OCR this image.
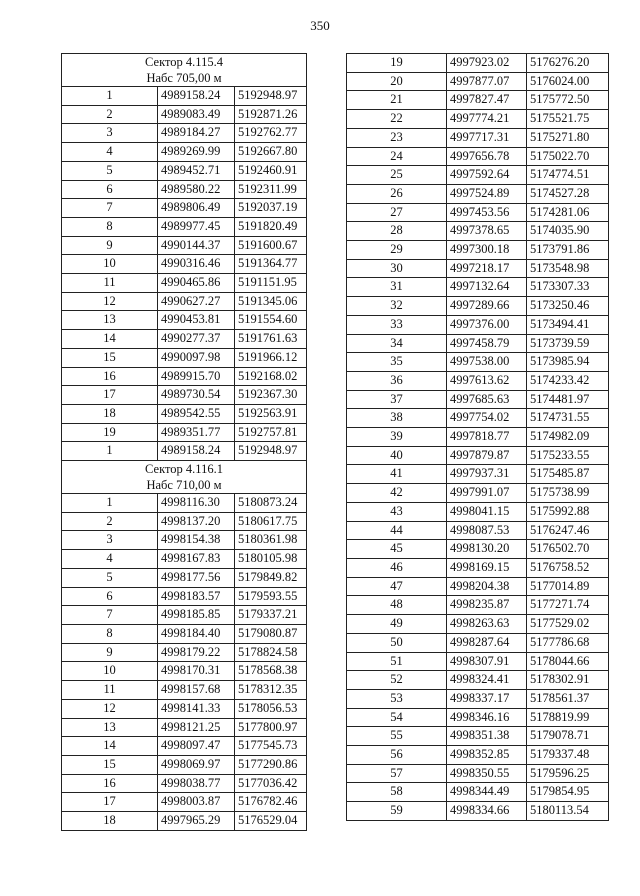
350
Сектор 4.115.4
Набс 705,00 м		

1	4989158.24	5192948.97
2	4989083.49	5192871.26
3	4989184.27	5192762.77
4	4989269.99	5192667.80
5	4989452.71	5192460.91
6	4989580.22	5192311.99
7	4989806.49	5192037.19
8	4989977.45	5191820.49
9	4990144.37	5191600.67
10	4990316.46	5191364.77
11	4990465.86	5191151.95
12	4990627.27	5191345.06
13	4990453.81	5191554.60
14	4990277.37	5191761.63
15	4990097.98	5191966.12
16	4989915.70	5192168.02
17	4989730.54	5192367.30
18	4989542.55	5192563.91
19	4989351.77	5192757.81
1	4989158.24	5192948.97

Сектор 4.116.1
Набс 710,00 м		

1	4998116.30	5180873.24
2	4998137.20	5180617.75
3	4998154.38	5180361.98
4	4998167.83	5180105.98
5	4998177.56	5179849.82
6	4998183.57	5179593.55
7	4998185.85	5179337.21
8	4998184.40	5179080.87
9	4998179.22	5178824.58
10	4998170.31	5178568.38
11	4998157.68	5178312.35
12	4998141.33	5178056.53
13	4998121.25	5177800.97
14	4998097.47	5177545.73
15	4998069.97	5177290.86
16	4998038.77	5177036.42
17	4998003.87	5176782.46
18	4997965.29	5176529.04
19	4997923.02	5176276.20
20	4997877.07	5176024.00
21	4997827.47	5175772.50
22	4997774.21	5175521.75
23	4997717.31	5175271.80
24	4997656.78	5175022.70
25	4997592.64	5174774.51
26	4997524.89	5174527.28
27	4997453.56	5174281.06
28	4997378.65	5174035.90
29	4997300.18	5173791.86
30	4997218.17	5173548.98
31	4997132.64	5173307.33
32	4997289.66	5173250.46
33	4997376.00	5173494.41
34	4997458.79	5173739.59
35	4997538.00	5173985.94
36	4997613.62	5174233.42
37	4997685.63	5174481.97
38	4997754.02	5174731.55
39	4997818.77	5174982.09
40	4997879.87	5175233.55
41	4997937.31	5175485.87
42	4997991.07	5175738.99
43	4998041.15	5175992.88
44	4998087.53	5176247.46
45	4998130.20	5176502.70
46	4998169.15	5176758.52
47	4998204.38	5177014.89
48	4998235.87	5177271.74
49	4998263.63	5177529.02
50	4998287.64	5177786.68
51	4998307.91	5178044.66
52	4998324.41	5178302.91
53	4998337.17	5178561.37
54	4998346.16	5178819.99
55	4998351.38	5179078.71
56	4998352.85	5179337.48
57	4998350.55	5179596.25
58	4998344.49	5179854.95
59	4998334.66	5180113.54
